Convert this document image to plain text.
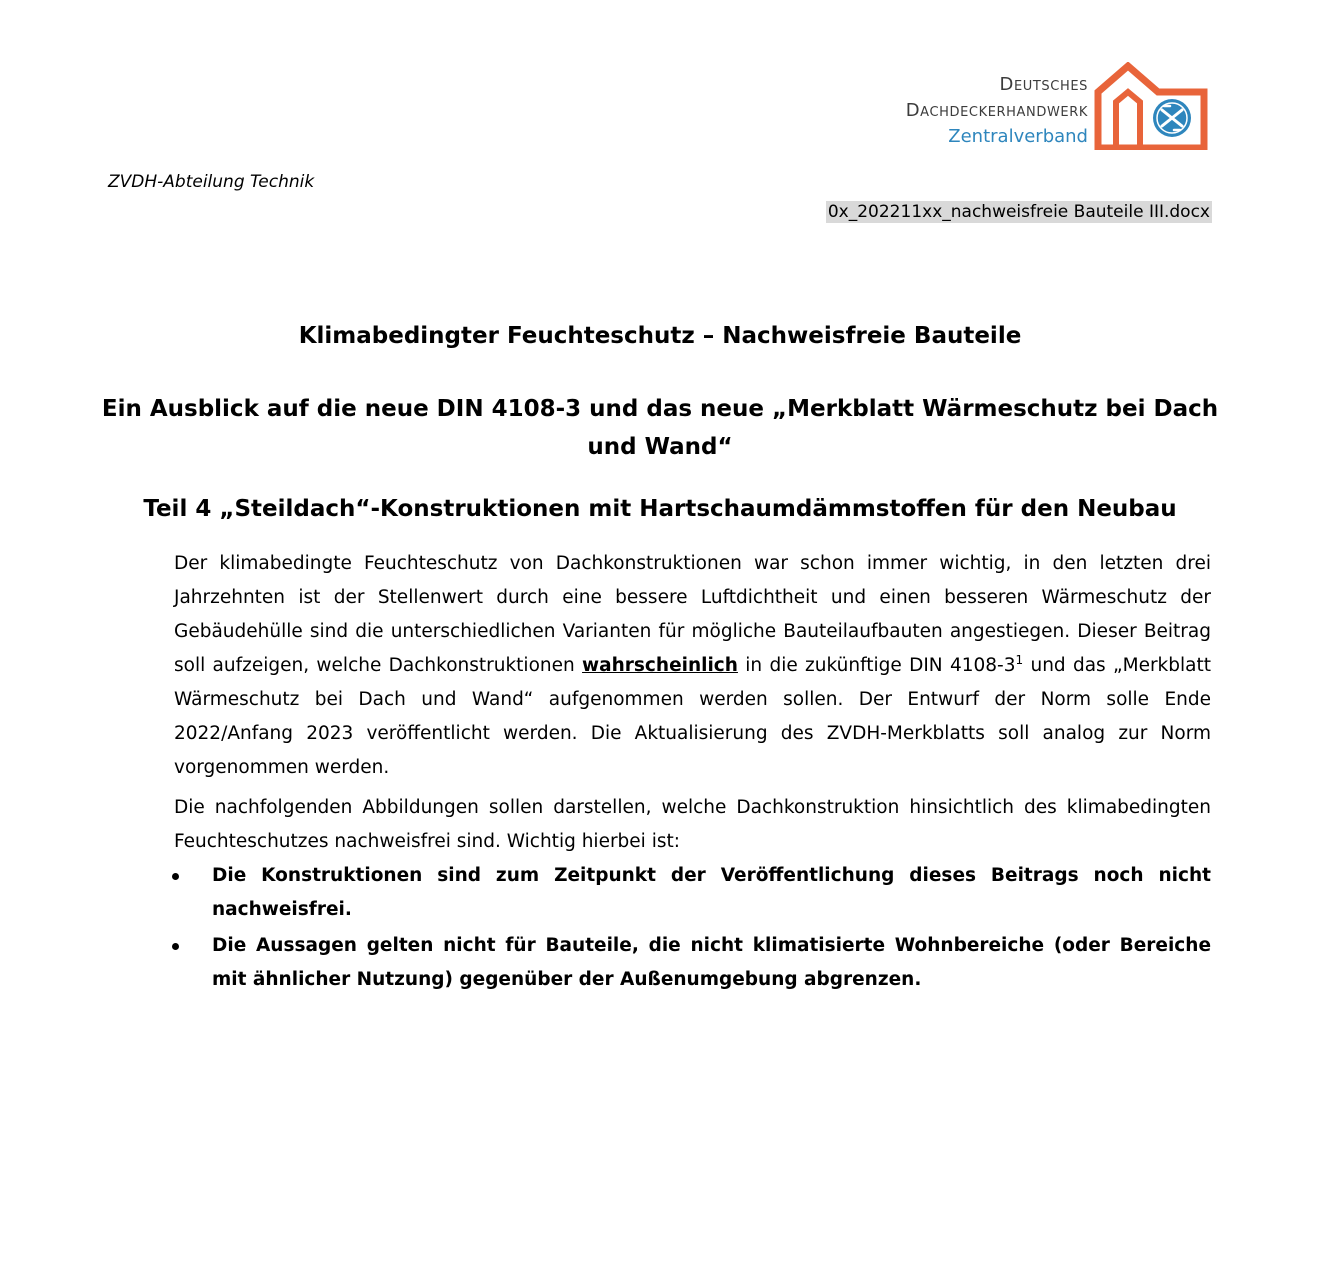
Deutsches
Dachdeckerhandwerk
Zentralverband
ZVDH-Abteilung Technik
0x_202211xx_nachweisfreie Bauteile III.docx
Klimabedingter Feuchteschutz – Nachweisfreie Bauteile
Ein Ausblick auf die neue DIN 4108-3 und das neue „Merkblatt Wärmeschutz bei Dach und Wand“
Teil 4 „Steildach“-Konstruktionen mit Hartschaumdämmstoffen für den Neubau

Der klimabedingte Feuchteschutz von Dachkonstruktionen war schon immer wichtig, in den letzten drei Jahrzehnten ist der Stellenwert durch eine bessere Luftdichtheit und einen besseren Wärmeschutz der Gebäudehülle sind die unterschiedlichen Varianten für mögliche Bauteilaufbauten angestiegen. Dieser Beitrag soll aufzeigen, welche Dachkonstruktionen wahrscheinlich in die zukünftige DIN $4108-3^1$ und das „Merkblatt Wärmeschutz bei Dach und Wand“ aufgenommen werden sollen. Der Entwurf der Norm solle Ende 2022/Anfang 2023 veröffentlicht werden. Die Aktualisierung des ZVDH-Merkblatts soll analog zur Norm vorgenommen werden.

Die nachfolgenden Abbildungen sollen darstellen, welche Dachkonstruktion hinsichtlich des klimabedingten Feuchteschutzes nachweisfrei sind. Wichtig hierbei ist:

Die Konstruktionen sind zum Zeitpunkt der Veröffentlichung dieses Beitrags noch nicht nachweisfrei.
Die Aussagen gelten nicht für Bauteile, die nicht klimatisierte Wohnbereiche (oder Bereiche mit ähnlicher Nutzung) gegenüber der Außenumgebung abgrenzen.
